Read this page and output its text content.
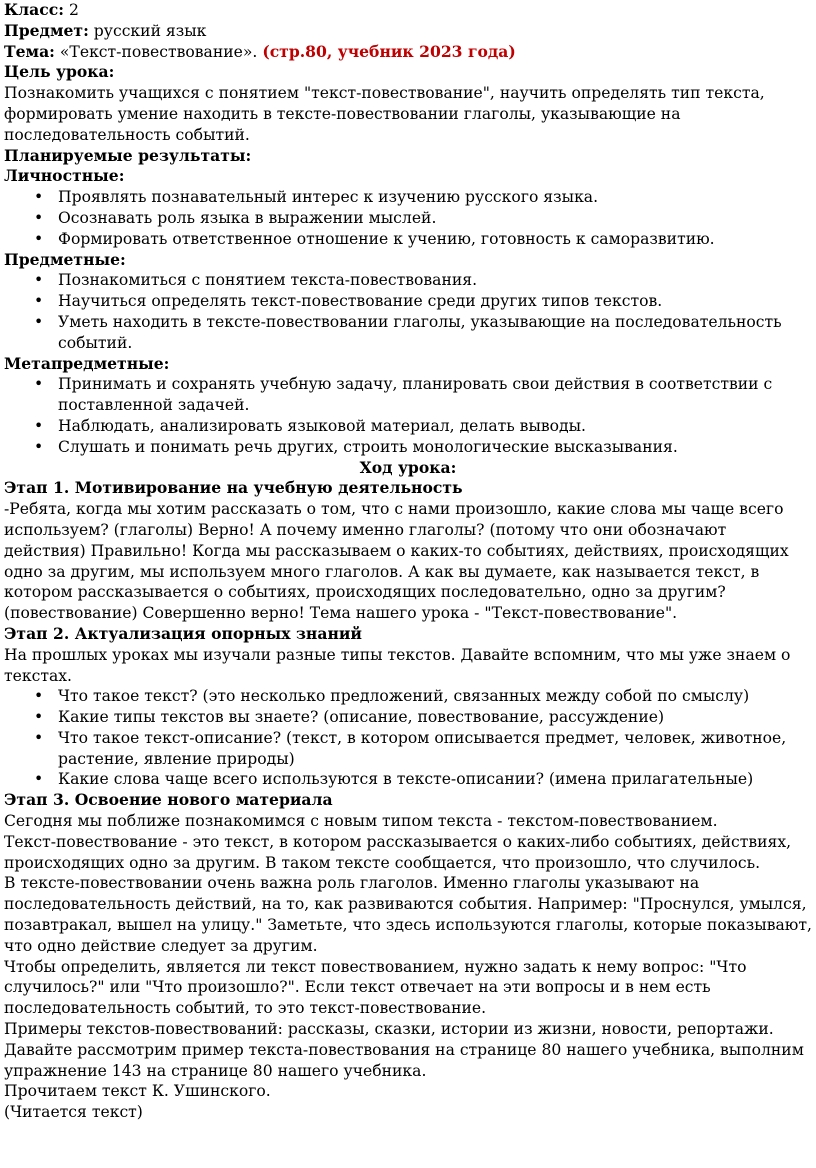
Класс: 2
Предмет: русский язык
Тема: «Текст-повествование». (стр.80, учебник 2023 года)
Цель урока:

Познакомить учащихся с понятием "текст-повествование", научить определять тип текста, формировать умение находить в тексте-повествовании глаголы, указывающие на последовательность событий.

Планируемые результаты:
Личностные:
• Проявлять познавательный интерес к изучению русского языка.
• Осознавать роль языка в выражении мыслей.
• Формировать ответственное отношение к учению, готовность к саморазвитию.
Предметные:
• Познакомиться с понятием текста-повествования.
• Научиться определять текст-повествование среди других типов текстов.
• Уметь находить в тексте-повествовании глаголы, указывающие на последовательность событий.
Метапредметные:
• Принимать и сохранять учебную задачу, планировать свои действия в соответствии с поставленной задачей.
• Наблюдать, анализировать языковой материал, делать выводы.
• Слушать и понимать речь других, строить монологические высказывания.
Ход урока:
Этап 1. Мотивирование на учебную деятельность

-Ребята, когда мы хотим рассказать о том, что с нами произошло, какие слова мы чаще всего используем? (глаголы) Верно! А почему именно глаголы? (потому что они обозначают действия) Правильно! Когда мы рассказываем о каких-то событиях, действиях, происходящих одно за другим, мы используем много глаголов. А как вы думаете, как называется текст, в котором рассказывается о событиях, происходящих последовательно, одно за другим? (повествование) Совершенно верно! Тема нашего урока - "Текст-повествование".

Этап 2. Актуализация опорных знаний

На прошлых уроках мы изучали разные типы текстов. Давайте вспомним, что мы уже знаем о текстах.

• Что такое текст? (это несколько предложений, связанных между собой по смыслу)
• Какие типы текстов вы знаете? (описание, повествование, рассуждение)
• Что такое текст-описание? (текст, в котором описывается предмет, человек, животное, растение, явление природы)
• Какие слова чаще всего используются в тексте-описании? (имена прилагательные)
Этап 3. Освоение нового материала

Сегодня мы поближе познакомимся с новым типом текста - текстом-повествованием.

Текст-повествование - это текст, в котором рассказывается о каких-либо событиях, действиях, происходящих одно за другим. В таком тексте сообщается, что произошло, что случилось.

В тексте-повествовании очень важна роль глаголов. Именно глаголы указывают на последовательность действий, на то, как развиваются события. Например: "Проснулся, умылся, позавтракал, вышел на улицу." Заметьте, что здесь используются глаголы, которые показывают, что одно действие следует за другим.

Чтобы определить, является ли текст повествованием, нужно задать к нему вопрос: "Что случилось?" или "Что произошло?". Если текст отвечает на эти вопросы и в нем есть последовательность событий, то это текст-повествование.

Примеры текстов-повествований: рассказы, сказки, истории из жизни, новости, репортажи.

Давайте рассмотрим пример текста-повествования на странице 80 нашего учебника, выполним упражнение 143 на странице 80 нашего учебника.

Прочитаем текст К. Ушинского.

(Читается текст)
